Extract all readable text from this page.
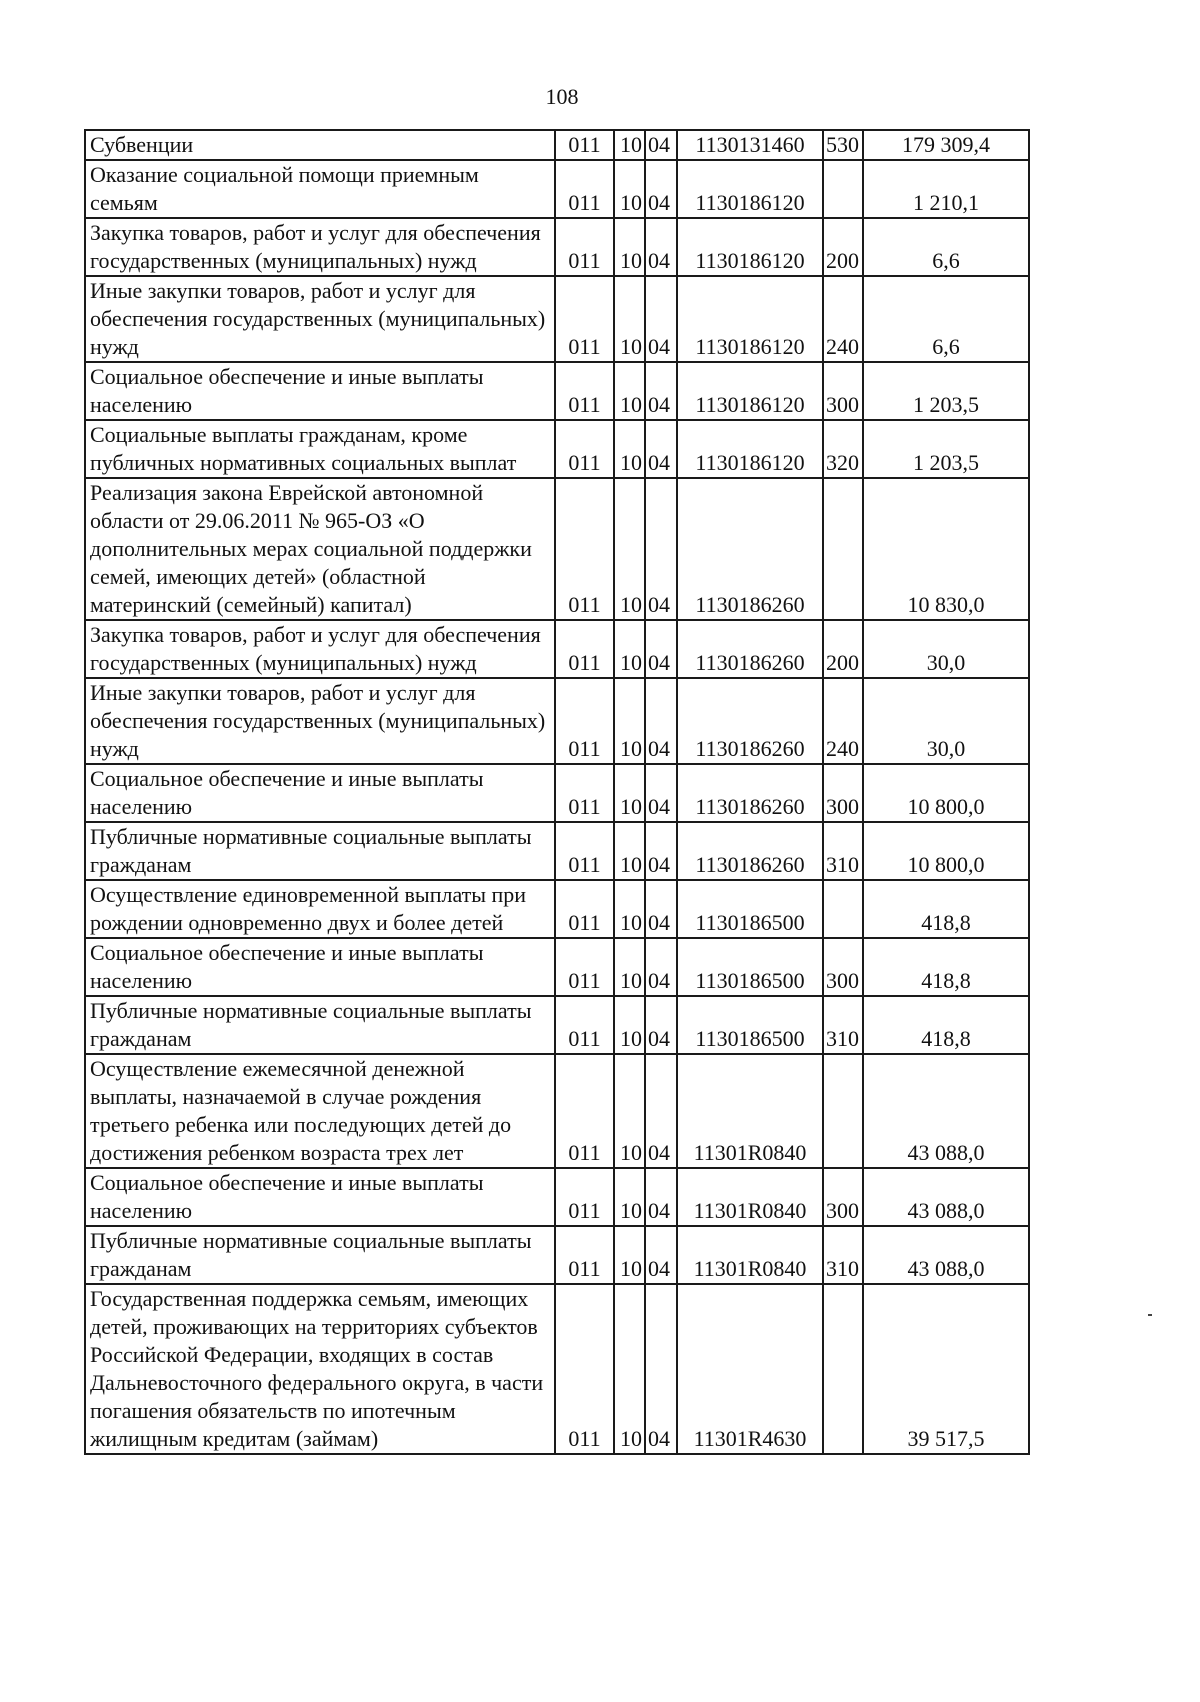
108
Субвенции	011	10	04	1130131460	530	179 309,4
Оказание социальной помощи приемным семьям	011	10	04	1130186120		1 210,1
Закупка товаров, работ и услуг для обеспечения государственных (муниципальных) нужд	011	10	04	1130186120	200	6,6
Иные закупки товаров, работ и услуг для обеспечения государственных (муниципальных) нужд	011	10	04	1130186120	240	6,6
Социальное обеспечение и иные выплаты населению	011	10	04	1130186120	300	1 203,5
Социальные выплаты гражданам, кроме публичных нормативных социальных выплат	011	10	04	1130186120	320	1 203,5
Реализация закона Еврейской автономной области от 29.06.2011 № 965-ОЗ «О дополнительных мерах социальной поддержки семей, имеющих детей» (областной материнский (семейный) капитал)	011	10	04	1130186260		10 830,0
Закупка товаров, работ и услуг для обеспечения государственных (муниципальных) нужд	011	10	04	1130186260	200	30,0
Иные закупки товаров, работ и услуг для обеспечения государственных (муниципальных) нужд	011	10	04	1130186260	240	30,0
Социальное обеспечение и иные выплаты населению	011	10	04	1130186260	300	10 800,0
Публичные нормативные социальные выплаты гражданам	011	10	04	1130186260	310	10 800,0
Осуществление единовременной выплаты при рождении одновременно двух и более детей	011	10	04	1130186500		418,8
Социальное обеспечение и иные выплаты населению	011	10	04	1130186500	300	418,8
Публичные нормативные социальные выплаты гражданам	011	10	04	1130186500	310	418,8
Осуществление ежемесячной денежной выплаты, назначаемой в случае рождения третьего ребенка или последующих детей до достижения ребенком возраста трех лет	011	10	04	11301R0840		43 088,0
Социальное обеспечение и иные выплаты населению	011	10	04	11301R0840	300	43 088,0
Публичные нормативные социальные выплаты гражданам	011	10	04	11301R0840	310	43 088,0
Государственная поддержка семьям, имеющих детей, проживающих на территориях субъектов Российской Федерации, входящих в состав Дальневосточного федерального округа, в части погашения обязательств по ипотечным жилищным кредитам (займам)	011	10	04	11301R4630		39 517,5
